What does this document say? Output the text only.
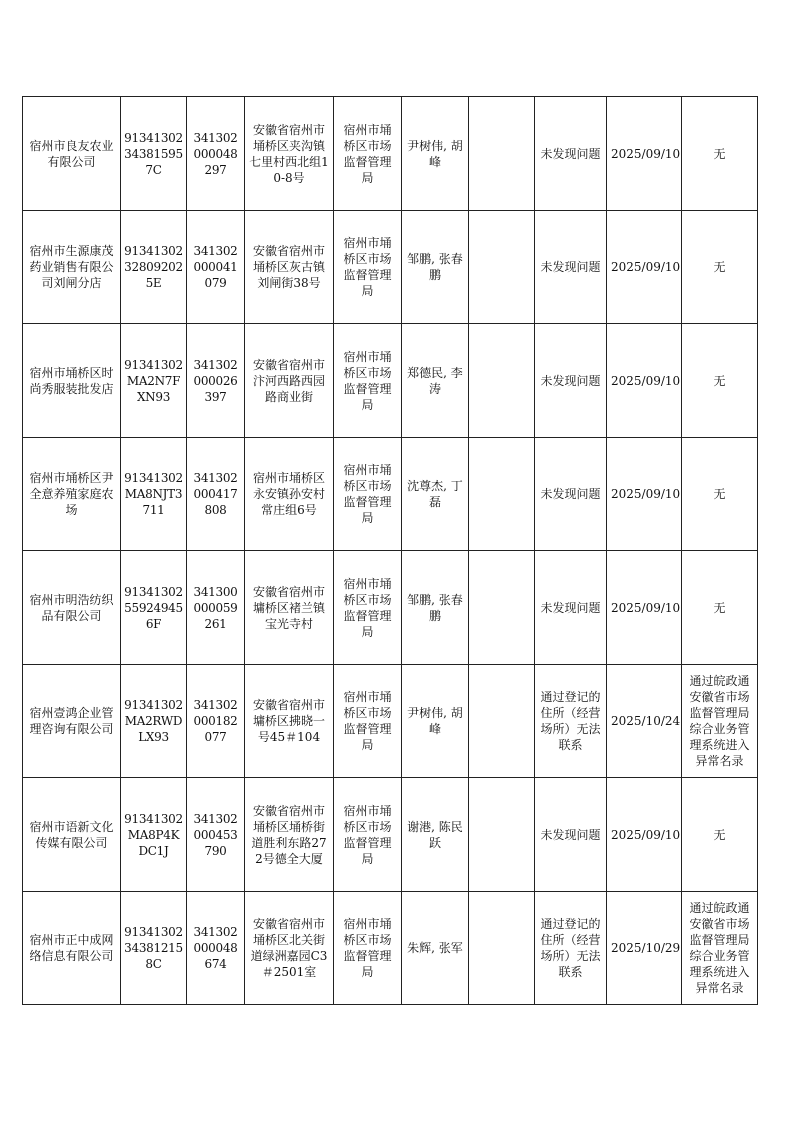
宿州市良友农业有限公司	91341302343815957C	341302000048297	安徽省宿州市埇桥区夹沟镇七里村西北组10-8号	宿州市埇桥区市场监督管理局	尹树伟, 胡峰		未发现问题	2025/09/10	无
宿州市生源康茂药业销售有限公司刘闸分店	91341302328092025E	341302000041079	安徽省宿州市埇桥区灰古镇刘闸街38号	宿州市埇桥区市场监督管理局	邹鹏, 张春鹏		未发现问题	2025/09/10	无
宿州市埇桥区时尚秀服装批发店	91341302MA2N7FXN93	341302000026397	安徽省宿州市汴河西路西园路商业街	宿州市埇桥区市场监督管理局	郑德民, 李涛		未发现问题	2025/09/10	无
宿州市埇桥区尹全意养殖家庭农场	91341302MA8NJT3711	341302000417808	宿州市埇桥区永安镇孙安村常庄组6号	宿州市埇桥区市场监督管理局	沈尊杰, 丁磊		未发现问题	2025/09/10	无
宿州市明浩纺织品有限公司	91341302559249456F	341300000059261	安徽省宿州市墉桥区褚兰镇宝光寺村	宿州市埇桥区市场监督管理局	邹鹏, 张春鹏		未发现问题	2025/09/10	无
宿州壹鸿企业管理咨询有限公司	91341302MA2RWDLX93	341302000182077	安徽省宿州市墉桥区拂晓一号45＃104	宿州市埇桥区市场监督管理局	尹树伟, 胡峰		通过登记的住所（经营场所）无法联系	2025/10/24	通过皖政通安徽省市场监督管理局综合业务管理系统进入异常名录
宿州市语新文化传媒有限公司	91341302MA8P4KDC1J	341302000453790	安徽省宿州市埇桥区埇桥街道胜利东路272号德全大厦	宿州市埇桥区市场监督管理局	谢港, 陈民跃		未发现问题	2025/09/10	无
宿州市正中成网络信息有限公司	91341302343812158C	341302000048674	安徽省宿州市埇桥区北关街道绿洲嘉园C3＃2501室	宿州市埇桥区市场监督管理局	朱辉, 张军		通过登记的住所（经营场所）无法联系	2025/10/29	通过皖政通安徽省市场监督管理局综合业务管理系统进入异常名录
